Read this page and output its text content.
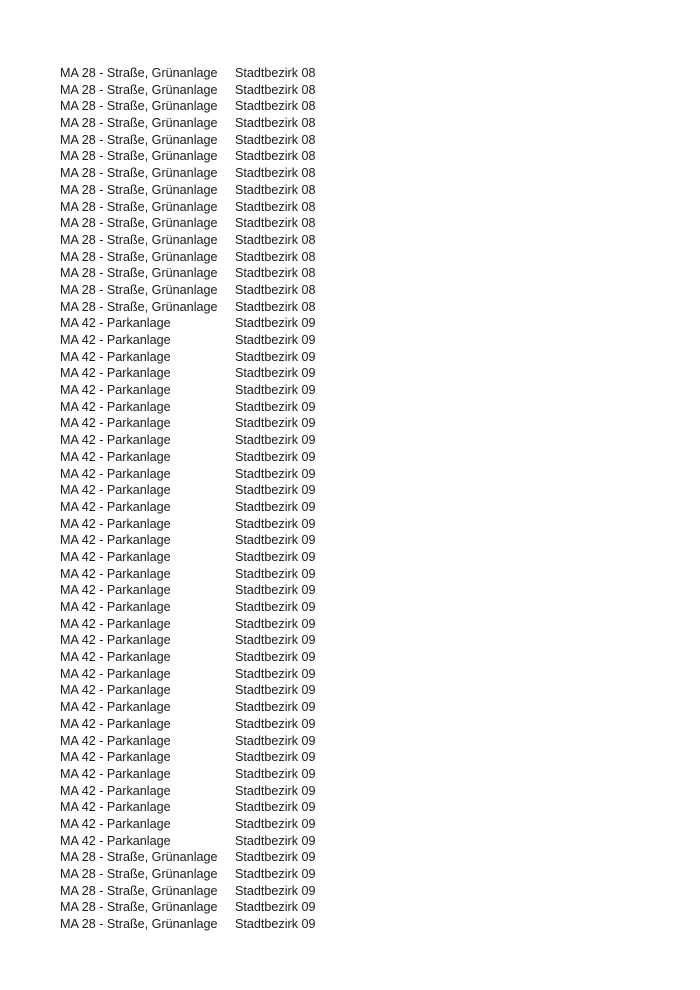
MA 28 - Straße, Grünanlage	Stadtbezirk 08
MA 28 - Straße, Grünanlage	Stadtbezirk 08
MA 28 - Straße, Grünanlage	Stadtbezirk 08
MA 28 - Straße, Grünanlage	Stadtbezirk 08
MA 28 - Straße, Grünanlage	Stadtbezirk 08
MA 28 - Straße, Grünanlage	Stadtbezirk 08
MA 28 - Straße, Grünanlage	Stadtbezirk 08
MA 28 - Straße, Grünanlage	Stadtbezirk 08
MA 28 - Straße, Grünanlage	Stadtbezirk 08
MA 28 - Straße, Grünanlage	Stadtbezirk 08
MA 28 - Straße, Grünanlage	Stadtbezirk 08
MA 28 - Straße, Grünanlage	Stadtbezirk 08
MA 28 - Straße, Grünanlage	Stadtbezirk 08
MA 28 - Straße, Grünanlage	Stadtbezirk 08
MA 28 - Straße, Grünanlage	Stadtbezirk 08
MA 42 - Parkanlage	Stadtbezirk 09
MA 42 - Parkanlage	Stadtbezirk 09
MA 42 - Parkanlage	Stadtbezirk 09
MA 42 - Parkanlage	Stadtbezirk 09
MA 42 - Parkanlage	Stadtbezirk 09
MA 42 - Parkanlage	Stadtbezirk 09
MA 42 - Parkanlage	Stadtbezirk 09
MA 42 - Parkanlage	Stadtbezirk 09
MA 42 - Parkanlage	Stadtbezirk 09
MA 42 - Parkanlage	Stadtbezirk 09
MA 42 - Parkanlage	Stadtbezirk 09
MA 42 - Parkanlage	Stadtbezirk 09
MA 42 - Parkanlage	Stadtbezirk 09
MA 42 - Parkanlage	Stadtbezirk 09
MA 42 - Parkanlage	Stadtbezirk 09
MA 42 - Parkanlage	Stadtbezirk 09
MA 42 - Parkanlage	Stadtbezirk 09
MA 42 - Parkanlage	Stadtbezirk 09
MA 42 - Parkanlage	Stadtbezirk 09
MA 42 - Parkanlage	Stadtbezirk 09
MA 42 - Parkanlage	Stadtbezirk 09
MA 42 - Parkanlage	Stadtbezirk 09
MA 42 - Parkanlage	Stadtbezirk 09
MA 42 - Parkanlage	Stadtbezirk 09
MA 42 - Parkanlage	Stadtbezirk 09
MA 42 - Parkanlage	Stadtbezirk 09
MA 42 - Parkanlage	Stadtbezirk 09
MA 42 - Parkanlage	Stadtbezirk 09
MA 42 - Parkanlage	Stadtbezirk 09
MA 42 - Parkanlage	Stadtbezirk 09
MA 42 - Parkanlage	Stadtbezirk 09
MA 42 - Parkanlage	Stadtbezirk 09
MA 28 - Straße, Grünanlage	Stadtbezirk 09
MA 28 - Straße, Grünanlage	Stadtbezirk 09
MA 28 - Straße, Grünanlage	Stadtbezirk 09
MA 28 - Straße, Grünanlage	Stadtbezirk 09
MA 28 - Straße, Grünanlage	Stadtbezirk 09
